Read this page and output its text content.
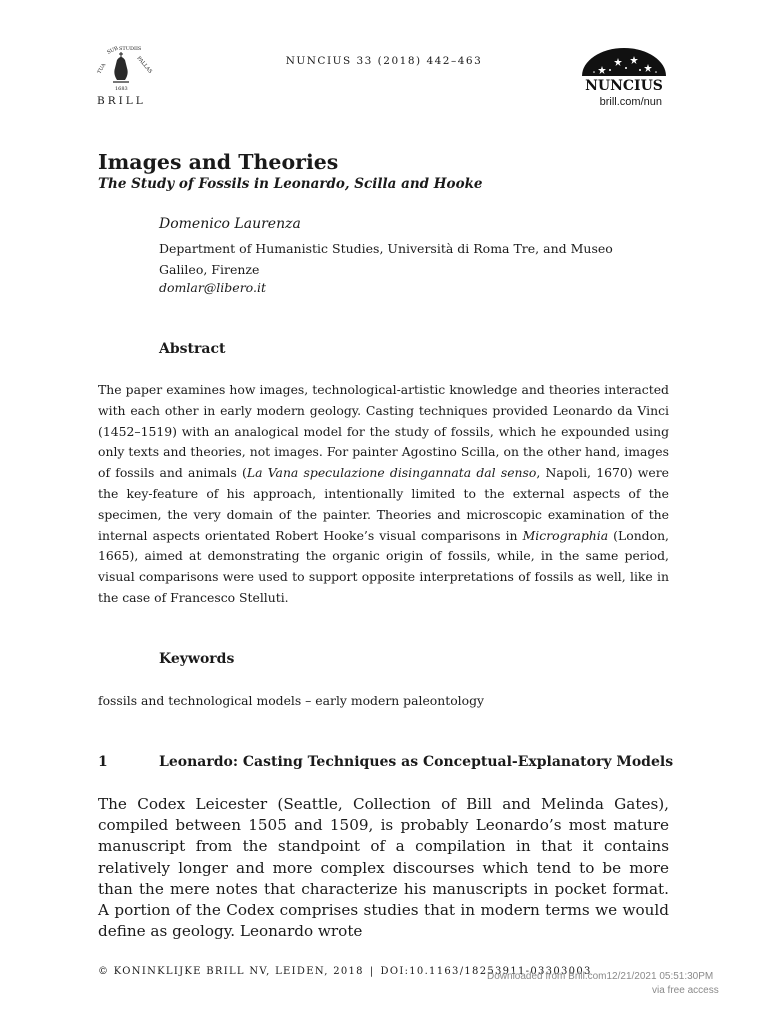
TUA
SUB STUDIIS
PALLAS
1683
BRILL
NUNCIUS 33 (2018) 442–463
NUNCIUS
brill.com/nun
Images and Theories
The Study of Fossils in Leonardo, Scilla and Hooke
Domenico Laurenza
Department of Humanistic Studies, Università di Roma Tre, and Museo Galileo, Firenze
domlar@libero.it
Abstract
The paper examines how images, technological-artistic knowledge and theories interacted with each other in early modern geology. Casting techniques provided Leonardo da Vinci (1452–1519) with an analogical model for the study of fossils, which he expounded using only texts and theories, not images. For painter Agostino Scilla, on the other hand, images of fossils and animals (La Vana speculazione disingannata dal senso, Napoli, 1670) were the key-feature of his approach, intentionally limited to the external aspects of the specimen, the very domain of the painter. Theories and microscopic examination of the internal aspects orientated Robert Hooke’s visual comparisons in Micrographia (London, 1665), aimed at demonstrating the organic origin of fossils, while, in the same period, visual comparisons were used to support opposite interpretations of fossils as well, like in the case of Francesco Stelluti.
Keywords
fossils and technological models – early modern paleontology
1	Leonardo: Casting Techniques as Conceptual-Explanatory Models
The Codex Leicester (Seattle, Collection of Bill and Melinda Gates), compiled between 1505 and 1509, is probably Leonardo’s most mature manuscript from the standpoint of a compilation in that it contains relatively longer and more complex discourses which tend to be more than the mere notes that characterize his manuscripts in pocket format. A portion of the Codex comprises studies that in modern terms we would define as geology. Leonardo wrote
© KONINKLIJKE BRILL NV, LEIDEN, 2018 | DOI:10.1163/18253911-03303003
Downloaded from Brill.com12/21/2021 05:51:30PM
via free access
